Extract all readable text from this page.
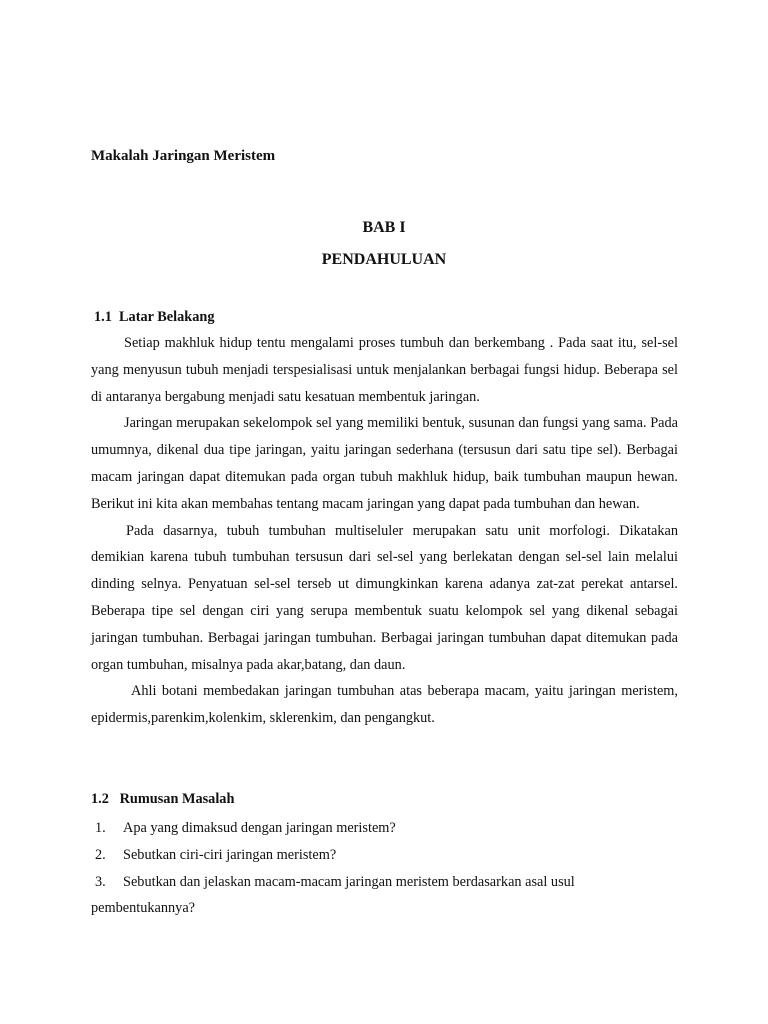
Makalah Jaringan Meristem
BAB I
PENDAHULUAN
1.1  Latar Belakang

Setiap makhluk hidup tentu mengalami proses tumbuh dan berkembang . Pada saat itu, sel-sel yang menyusun tubuh menjadi terspesialisasi untuk menjalankan berbagai fungsi hidup. Beberapa sel di antaranya bergabung menjadi satu kesatuan membentuk jaringan.

Jaringan merupakan sekelompok sel yang memiliki bentuk, susunan dan fungsi yang sama. Pada umumnya, dikenal dua tipe jaringan, yaitu jaringan sederhana (tersusun dari satu tipe sel). Berbagai macam jaringan dapat ditemukan pada organ tubuh makhluk hidup, baik tumbuhan maupun hewan. Berikut ini kita akan membahas tentang macam jaringan yang dapat pada tumbuhan dan hewan.

Pada dasarnya, tubuh tumbuhan multiseluler merupakan satu unit morfologi. Dikatakan demikian karena tubuh tumbuhan tersusun dari sel-sel yang berlekatan dengan sel-sel lain melalui dinding selnya. Penyatuan sel-sel terseb ut dimungkinkan karena adanya zat-zat perekat antarsel. Beberapa tipe sel dengan ciri yang serupa membentuk suatu kelompok sel yang dikenal sebagai jaringan tumbuhan. Berbagai jaringan tumbuhan. Berbagai jaringan tumbuhan dapat ditemukan pada organ tumbuhan, misalnya pada akar,batang, dan daun.

Ahli botani membedakan jaringan tumbuhan atas beberapa macam, yaitu jaringan meristem, epidermis,parenkim,kolenkim, sklerenkim, dan pengangkut.

1.2   Rumusan Masalah
1. Apa yang dimaksud dengan jaringan meristem?
2. Sebutkan ciri-ciri jaringan meristem?
3. Sebutkan dan jelaskan macam-macam jaringan meristem berdasarkan asal usul
pembentukannya?
